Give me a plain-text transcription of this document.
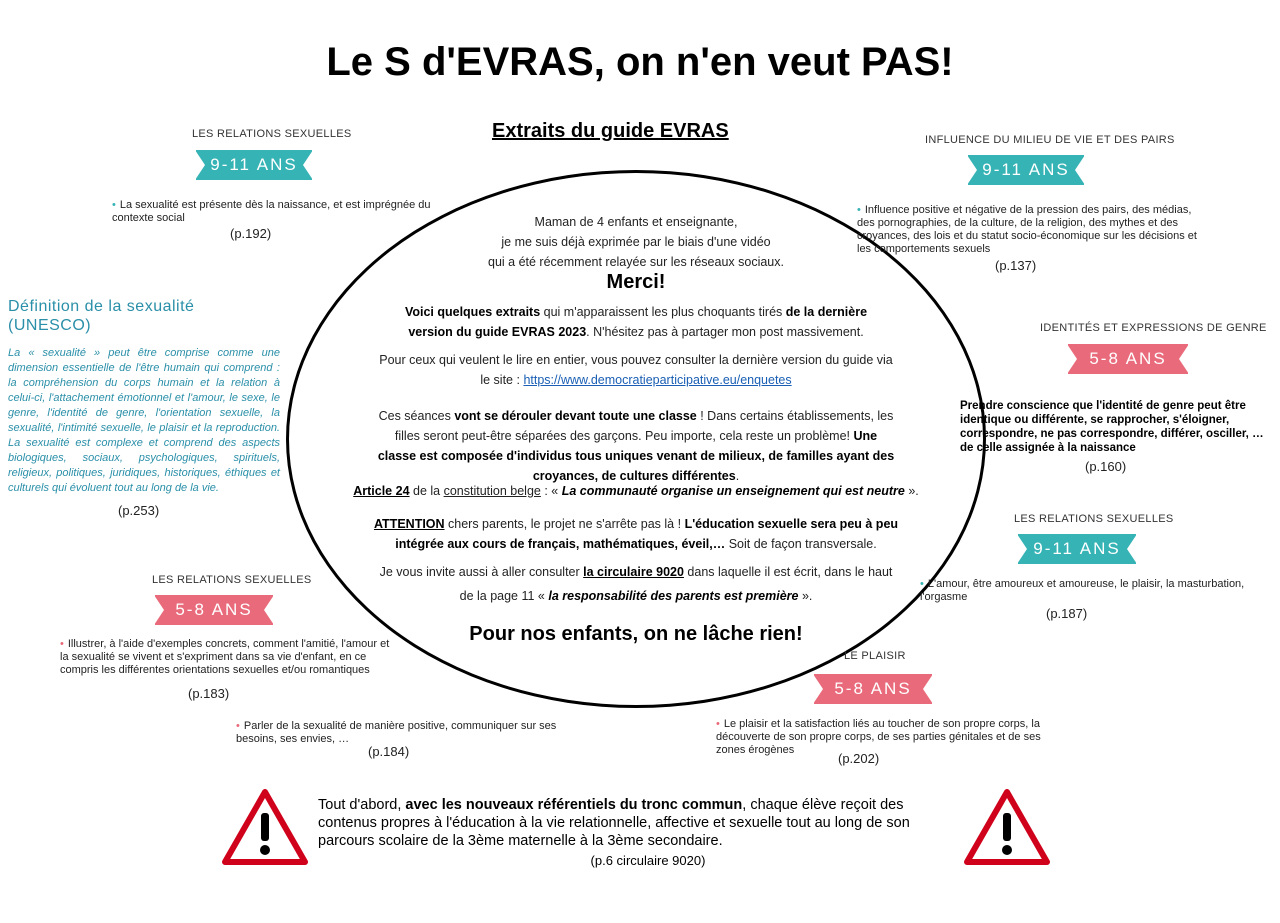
Le S d'EVRAS, on n'en veut PAS!
Extraits du guide EVRAS
Maman de 4 enfants et enseignante,
je me suis déjà exprimée par le biais d'une vidéo
qui a été récemment relayée sur les réseaux sociaux.
Merci!
Voici quelques extraits qui m'apparaissent les plus choquants tirés de la dernière
version du guide EVRAS 2023. N'hésitez pas à partager mon post massivement.
Pour ceux qui veulent le lire en entier, vous pouvez consulter la dernière version du guide via
le site : https://www.democratieparticipative.eu/enquetes
Ces séances vont se dérouler devant toute une classe ! Dans certains établissements, les
filles seront peut-être séparées des garçons. Peu importe, cela reste un problème! Une
classe est composée d'individus tous uniques venant de milieux, de familles ayant des
croyances, de cultures différentes.
Article 24 de la constitution belge : « La communauté organise un enseignement qui est neutre ».
ATTENTION chers parents, le projet ne s'arrête pas là ! L'éducation sexuelle sera peu à peu
intégrée aux cours de français, mathématiques, éveil,… Soit de façon transversale.
Je vous invite aussi à aller consulter la circulaire 9020 dans laquelle il est écrit, dans le haut
de la page 11 « la responsabilité des parents est première ».
Pour nos enfants, on ne lâche rien!
LES RELATIONS SEXUELLES
9-11 ANS
• La sexualité est présente dès la naissance, et est imprégnée du contexte social
(p.192)
Définition de la sexualité
(UNESCO)
La « sexualité » peut être comprise comme une dimension essentielle de l'être humain qui comprend : la compréhension du corps humain et la relation à celui-ci, l'attachement émotionnel et l'amour, le sexe, le genre, l'identité de genre, l'orientation sexuelle, la sexualité, l'intimité sexuelle, le plaisir et la reproduction. La sexualité est complexe et comprend des aspects biologiques, sociaux, psychologiques, spirituels, religieux, politiques, juridiques, historiques, éthiques et culturels qui évoluent tout au long de la vie.
(p.253)
LES RELATIONS SEXUELLES
5-8 ANS
• Illustrer, à l'aide d'exemples concrets, comment l'amitié, l'amour et la sexualité se vivent et s'expriment dans sa vie d'enfant, en ce compris les différentes orientations sexuelles et/ou romantiques
(p.183)
• Parler de la sexualité de manière positive, communiquer sur ses besoins, ses envies, …
(p.184)
INFLUENCE DU MILIEU DE VIE ET DES PAIRS
9-11 ANS
• Influence positive et négative de la pression des pairs, des médias, des pornographies, de la culture, de la religion, des mythes et des croyances, des lois et du statut socio-économique sur les décisions et les comportements sexuels
(p.137)
IDENTITÉS ET EXPRESSIONS DE GENRE
5-8 ANS
Prendre conscience que l'identité de genre peut être identique ou différente, se rapprocher, s'éloigner, correspondre, ne pas correspondre, différer, osciller, … de celle assignée à la naissance
(p.160)
LES RELATIONS SEXUELLES
9-11 ANS
• L'amour, être amoureux et amoureuse, le plaisir, la masturbation, l'orgasme
(p.187)
LE PLAISIR
5-8 ANS
• Le plaisir et la satisfaction liés au toucher de son propre corps, la découverte de son propre corps, de ses parties génitales et de ses zones érogènes
(p.202)
Tout d'abord, avec les nouveaux référentiels du tronc commun, chaque élève reçoit des contenus propres à l'éducation à la vie relationnelle, affective et sexuelle tout au long de son parcours scolaire de la 3ème maternelle à la 3ème secondaire.
(p.6 circulaire 9020)
